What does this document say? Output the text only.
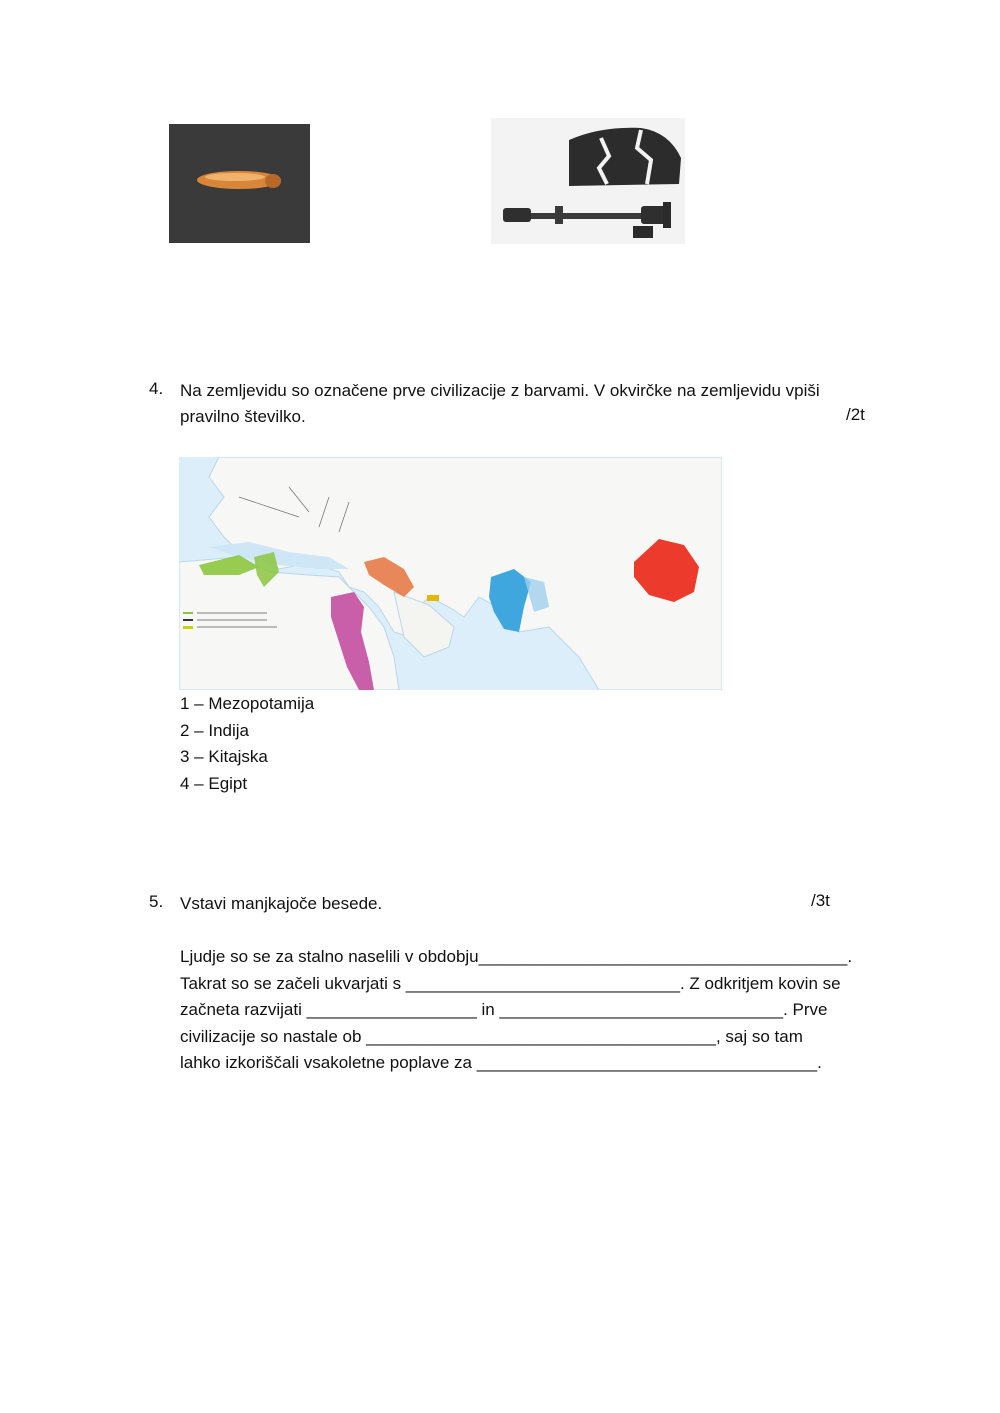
4. Na zemljevidu so označene prve civilizacije z barvami. V okvirčke na zemljevidu vpiši
pravilno številko.	/2t
1 – Mezopotamija
2 – Indija
3 – Kitajska
4 – Egipt
5. Vstavi manjkajoče besede.	/3t
Ljudje so se za stalno naselili v obdobju_______________________________________.
Takrat so se začeli ukvarjati s _____________________________. Z odkritjem kovin se
začneta razvijati __________________ in ______________________________. Prve
civilizacije so nastale ob _____________________________________, saj so tam
lahko izkoriščali vsakoletne poplave za ____________________________________.
